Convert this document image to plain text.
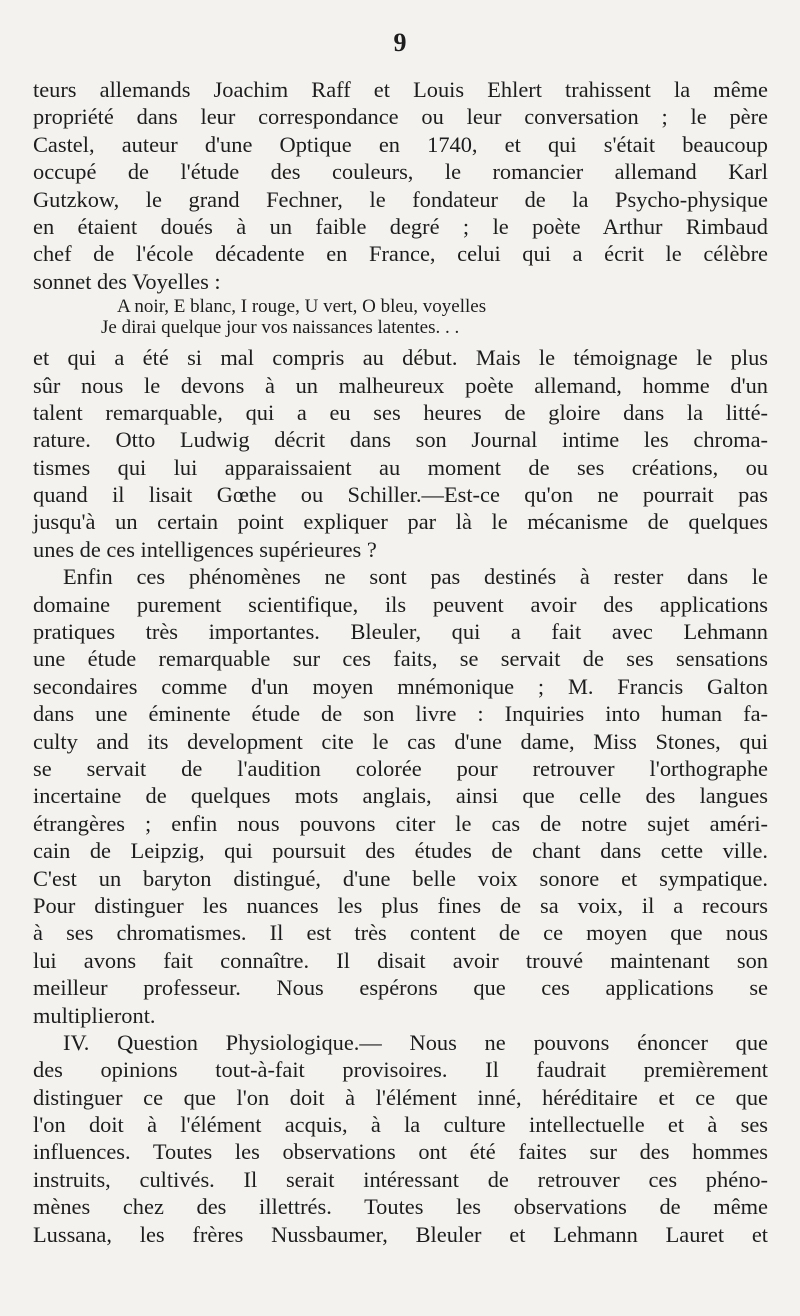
9
teurs allemands Joachim Raff et Louis Ehlert trahissent la même
propriété dans leur correspondance ou leur conversation ; le père
Castel, auteur d'une Optique en 1740, et qui s'était beaucoup
occupé de l'étude des couleurs, le romancier allemand Karl
Gutzkow, le grand Fechner, le fondateur de la Psycho-physique
en étaient doués à un faible degré ; le poète Arthur Rimbaud
chef de l'école décadente en France, celui qui a écrit le célèbre
sonnet des Voyelles :
A noir, E blanc, I rouge, U vert, O bleu, voyelles
Je dirai quelque jour vos naissances latentes. . .
et qui a été si mal compris au début. Mais le témoignage le plus
sûr nous le devons à un malheureux poète allemand, homme d'un
talent remarquable, qui a eu ses heures de gloire dans la litté-
rature. Otto Ludwig décrit dans son Journal intime les chroma-
tismes qui lui apparaissaient au moment de ses créations, ou
quand il lisait Gœthe ou Schiller.—Est-ce qu'on ne pourrait pas
jusqu'à un certain point expliquer par là le mécanisme de quelques
unes de ces intelligences supérieures ?
Enfin ces phénomènes ne sont pas destinés à rester dans le
domaine purement scientifique, ils peuvent avoir des applications
pratiques très importantes. Bleuler, qui a fait avec Lehmann
une étude remarquable sur ces faits, se servait de ses sensations
secondaires comme d'un moyen mnémonique ; M. Francis Galton
dans une éminente étude de son livre : Inquiries into human fa-
culty and its development cite le cas d'une dame, Miss Stones, qui
se servait de l'audition colorée pour retrouver l'orthographe
incertaine de quelques mots anglais, ainsi que celle des langues
étrangères ; enfin nous pouvons citer le cas de notre sujet améri-
cain de Leipzig, qui poursuit des études de chant dans cette ville.
C'est un baryton distingué, d'une belle voix sonore et sympatique.
Pour distinguer les nuances les plus fines de sa voix, il a recours
à ses chromatismes. Il est très content de ce moyen que nous
lui avons fait connaître. Il disait avoir trouvé maintenant son
meilleur professeur. Nous espérons que ces applications se
multiplieront.
IV. Question Physiologique.— Nous ne pouvons énoncer que
des opinions tout-à-fait provisoires. Il faudrait premièrement
distinguer ce que l'on doit à l'élément inné, héréditaire et ce que
l'on doit à l'élément acquis, à la culture intellectuelle et à ses
influences. Toutes les observations ont été faites sur des hommes
instruits, cultivés. Il serait intéressant de retrouver ces phéno-
mènes chez des illettrés. Toutes les observations de même
Lussana, les frères Nussbaumer, Bleuler et Lehmann Lauret et
